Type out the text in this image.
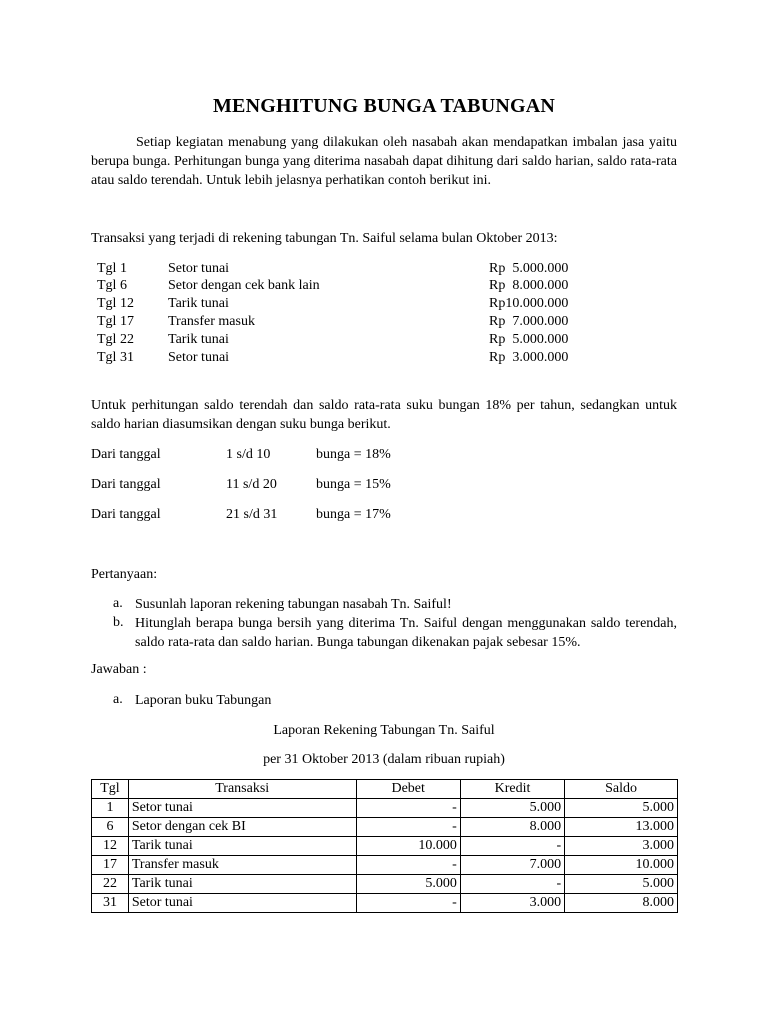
MENGHITUNG BUNGA TABUNGAN

Setiap kegiatan menabung yang dilakukan oleh nasabah akan mendapatkan imbalan jasa yaitu berupa bunga. Perhitungan bunga yang diterima nasabah dapat dihitung dari saldo harian, saldo rata-rata atau saldo terendah. Untuk lebih jelasnya perhatikan contoh berikut ini.

Transaksi yang terjadi di rekening tabungan Tn. Saiful selama bulan Oktober 2013:
Tgl 1	Setor tunai	Rp  5.000.000
Tgl 6	Setor dengan cek bank lain	Rp  8.000.000
Tgl 12 Tarik tunai	Rp10.000.000
Tgl 17 Transfer masuk	Rp  7.000.000
Tgl 22 Tarik tunai	Rp  5.000.000
Tgl 31 Setor tunai	Rp  3.000.000

Untuk perhitungan saldo terendah dan saldo rata-rata suku bungan 18% per tahun, sedangkan untuk saldo harian diasumsikan dengan suku bunga berikut.

Dari tanggal	1 s/d 10	bunga = 18%
Dari tanggal	11 s/d 20	bunga = 15%
Dari tanggal	21 s/d 31	bunga = 17%
Pertanyaan:
a. Susunlah laporan rekening tabungan nasabah Tn. Saiful!
b. Hitunglah berapa bunga bersih yang diterima Tn. Saiful dengan menggunakan saldo terendah, saldo rata-rata dan saldo harian. Bunga tabungan dikenakan pajak sebesar 15%.
Jawaban :
a. Laporan buku Tabungan
Laporan Rekening Tabungan Tn. Saiful
per 31 Oktober 2013 (dalam ribuan rupiah)
Tgl	Transaksi	Debet	Kredit	Saldo
1	Setor tunai	-	5.000	5.000
6	Setor dengan cek BI	-	8.000	13.000
12	Tarik tunai	10.000	-	3.000
17	Transfer masuk	-	7.000	10.000
22	Tarik tunai	5.000	-	5.000
31	Setor tunai	-	3.000	8.000
